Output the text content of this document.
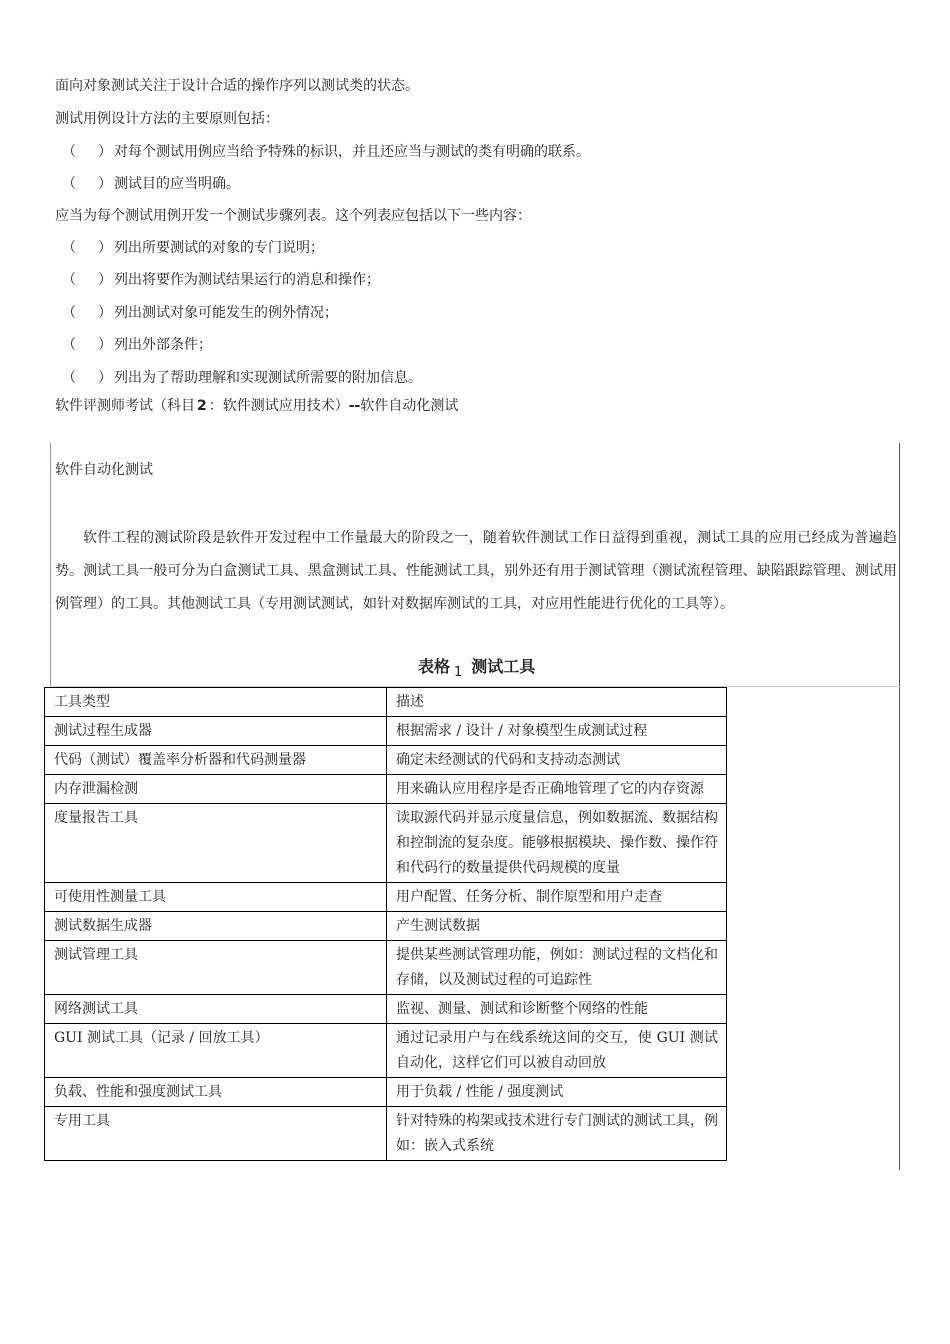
面向对象测试关注于设计合适的操作序列以测试类的状态。
测试用例设计方法的主要原则包括：
（ ） 对每个测试用例应当给予特殊的标识，并且还应当与测试的类有明确的联系。
（ ） 测试目的应当明确。
应当为每个测试用例开发一个测试步骤列表。这个列表应包括以下一些内容：
（ ） 列出所要测试的对象的专门说明；
（ ） 列出将要作为测试结果运行的消息和操作；
（ ） 列出测试对象可能发生的例外情况；
（ ） 列出外部条件；
（ ） 列出为了帮助理解和实现测试所需要的附加信息。
软件评测师考试（科目 2 ：软件测试应用技术）--软件自动化测试
软件自动化测试
软件工程的测试阶段是软件开发过程中工作量最大的阶段之一，随着软件测试工作日益得到重视，测试工具的应用已经成为普遍趋势。测试工具一般可分为白盒测试工具、黑盒测试工具、性能测试工具，别外还有用于测试管理（测试流程管理、缺陷跟踪管理、测试用例管理）的工具。其他测试工具（专用测试测试，如针对数据库测试的工具，对应用性能进行优化的工具等）。
表格 $_1$ 测试工具
工具类型	描述
测试过程生成器	根据需求 / 设计 / 对象模型生成测试过程
代码（测试）覆盖率分析器和代码测量器	确定未经测试的代码和支持动态测试
内存泄漏检测	用来确认应用程序是否正确地管理了它的内存资源
度量报告工具	读取源代码并显示度量信息，例如数据流、数据结构和控制流的复杂度。能够根据模块、操作数、操作符和代码行的数量提供代码规模的度量
可使用性测量工具	用户配置、任务分析、制作原型和用户走查
测试数据生成器	产生测试数据
测试管理工具	提供某些测试管理功能，例如：测试过程的文档化和存储，以及测试过程的可追踪性
网络测试工具	监视、测量、测试和诊断整个网络的性能
GUI 测试工具（记录 / 回放工具）	通过记录用户与在线系统这间的交互，使 GUI 测试自动化，这样它们可以被自动回放
负载、性能和强度测试工具	用于负载 / 性能 / 强度测试
专用工具	针对特殊的构架或技术进行专门测试的测试工具，例如：嵌入式系统
